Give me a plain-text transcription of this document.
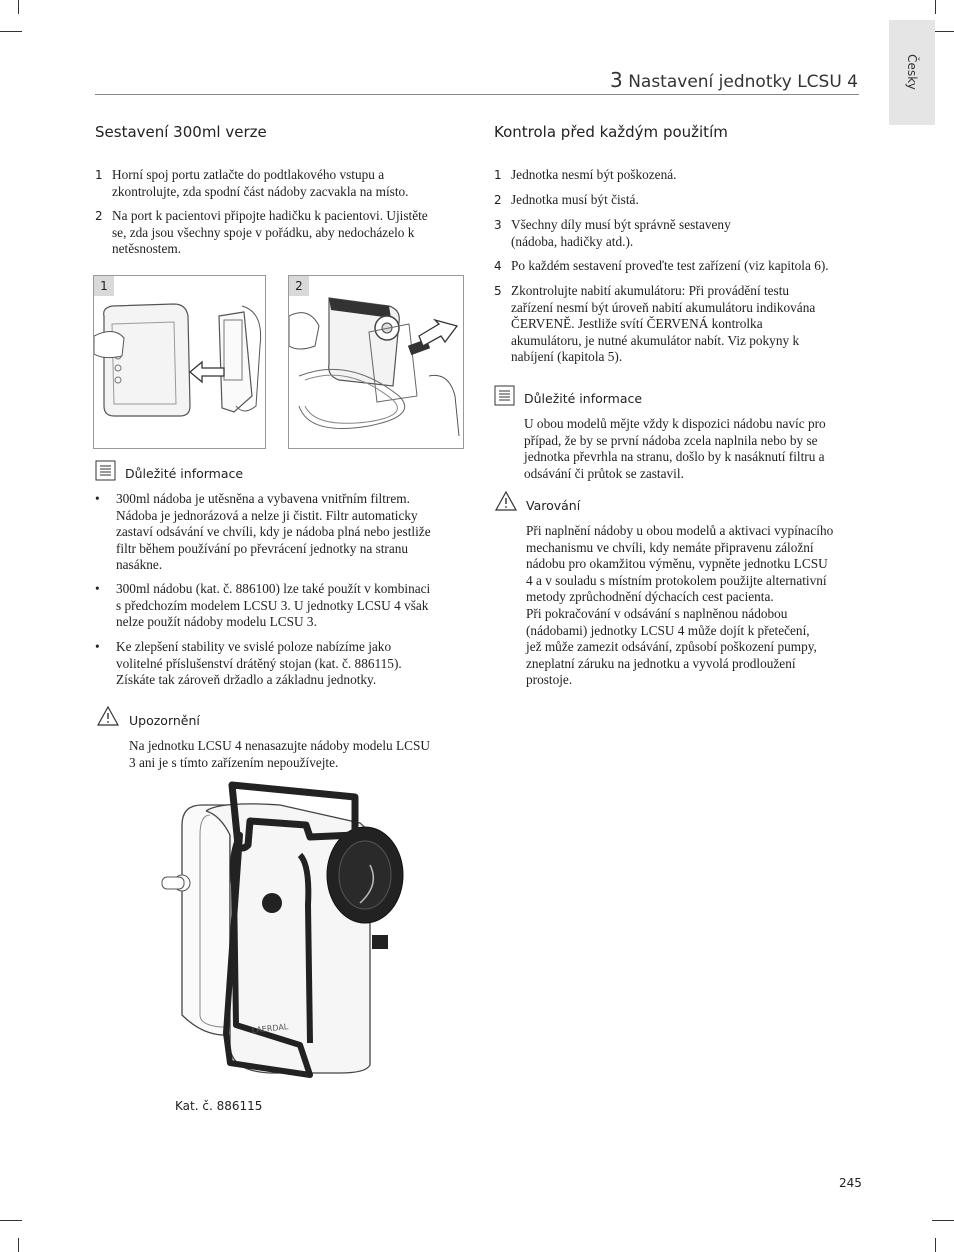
Česky
3 Nastavení jednotky LCSU 4
Sestavení 300ml verze
1 Horní spoj portu zatlačte do podtlakového vstupu a
zkontrolujte, zda spodní část nádoby zacvakla na místo.
2 Na port k pacientovi připojte hadičku k pacientovi. Ujistěte
se, zda jsou všechny spoje v pořádku, aby nedocházelo k
netěsnostem.
1	2
Důležité informace
• 300ml nádoba je utěsněna a vybavena vnitřním filtrem.
Nádoba je jednorázová a nelze ji čistit. Filtr automaticky
zastaví odsávání ve chvíli, kdy je nádoba plná nebo jestliže
filtr během používání po převrácení jednotky na stranu
nasákne.
• 300ml nádobu (kat. č. 886100) lze také použít v kombinaci
s předchozím modelem LCSU 3. U jednotky LCSU 4 však
nelze použít nádoby modelu LCSU 3.
• Ke zlepšení stability ve svislé poloze nabízíme jako
volitelné příslušenství drátěný stojan (kat. č. 886115).
Získáte tak zároveň držadlo a základnu jednotky.
Upozornění
Na jednotku LCSU 4 nenasazujte nádoby modelu LCSU
3 ani je s tímto zařízením nepoužívejte.
LAERDAL
Kat. č. 886115
Kontrola před každým použitím
1 Jednotka nesmí být poškozená.
2 Jednotka musí být čistá.
3 Všechny díly musí být správně sestaveny
(nádoba, hadičky atd.).
4 Po každém sestavení proveďte test zařízení (viz kapitola 6).
5 Zkontrolujte nabití akumulátoru: Při provádění testu
zařízení nesmí být úroveň nabití akumulátoru indikována
ČERVENĚ. Jestliže svítí ČERVENÁ kontrolka
akumulátoru, je nutné akumulátor nabít. Viz pokyny k
nabíjení (kapitola 5).
Důležité informace
U obou modelů mějte vždy k dispozici nádobu navíc pro
případ, že by se první nádoba zcela naplnila nebo by se
jednotka převrhla na stranu, došlo by k nasáknutí filtru a
odsávání či průtok se zastavil.
Varování
Při naplnění nádoby u obou modelů a aktivaci vypínacího
mechanismu ve chvíli, kdy nemáte připravenu záložní
nádobu pro okamžitou výměnu, vypněte jednotku LCSU
4 a v souladu s místním protokolem použijte alternativní
metody zprůchodnění dýchacích cest pacienta.
Při pokračování v odsávání s naplněnou nádobou
(nádobami) jednotky LCSU 4 může dojít k přetečení,
jež může zamezit odsávání, způsobí poškození pumpy,
zneplatní záruku na jednotku a vyvolá prodloužení
prostoje.
245
